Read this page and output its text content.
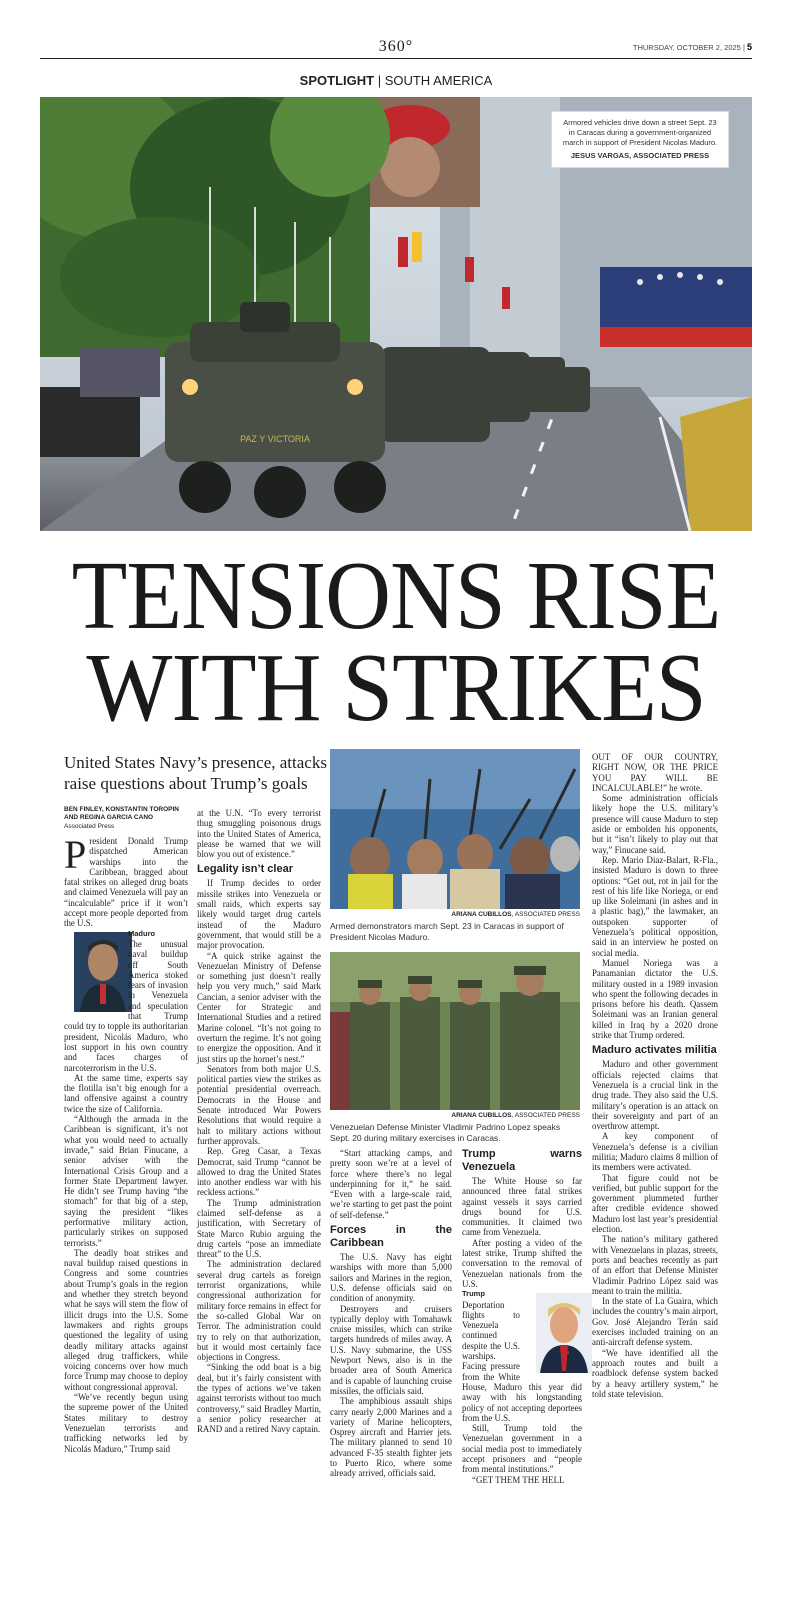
360°	THURSDAY, OCTOBER 2, 2025 | 5
SPOTLIGHT | SOUTH AMERICA
PAZ Y VICTORIA
Armored vehicles drive down a street Sept. 23 in Caracas during a government-organized march in support of President Nicolas Maduro.
JESUS VARGAS, ASSOCIATED PRESS
TENSIONS RISE
WITH STRIKES
United States Navy’s presence, attacks raise questions about Trump’s goals
BEN FINLEY, KONSTANTIN TOROPIN AND REGINA GARCIA CANO
Associated Press

President Donald Trump dispatched American warships into the Caribbean, bragged about fatal strikes on alleged drug boats and claimed Venezuela will pay an “incalculable” price if it won’t accept more people deported from the U.S.

Maduro
The unusual naval buildup off South America stoked fears of invasion in Venezuela and speculation that Trump could try to topple its authoritarian president, Nicolás Maduro, who lost support in his own country and faces charges of narcoterrorism in the U.S.

At the same time, experts say the flotilla isn’t big enough for a land offensive against a country twice the size of California.

“Although the armada in the Caribbean is significant, it’s not what you would need to actually invade,” said Brian Finucane, a senior adviser with the International Crisis Group and a former State Department lawyer. He didn’t see Trump having “the stomach” for that big of a step, saying the president “likes performative military action, particularly strikes on supposed terrorists.”

The deadly boat strikes and naval buildup raised questions in Congress and some countries about Trump’s goals in the region and whether they stretch beyond what he says will stem the flow of illicit drugs into the U.S. Some lawmakers and rights groups questioned the legality of using deadly military attacks against alleged drug traffickers, while voicing concerns over how much force Trump may choose to deploy without congressional approval.

“We’ve recently begun using the supreme power of the United States military to destroy Venezuelan terrorists and trafficking networks led by Nicolás Maduro,” Trump said

at the U.N. “To every terrorist thug smuggling poisonous drugs into the United States of America, please be warned that we will blow you out of existence.”

Legality isn’t clear

If Trump decides to order missile strikes into Venezuela or small raids, which experts say likely would target drug cartels instead of the Maduro government, that would still be a major provocation.

“A quick strike against the Venezuelan Ministry of Defense or something just doesn’t really help you very much,” said Mark Cancian, a senior adviser with the Center for Strategic and International Studies and a retired Marine colonel. “It’s not going to overturn the regime. It’s not going to energize the opposition. And it just stirs up the hornet’s nest.”

Senators from both major U.S. political parties view the strikes as potential presidential overreach. Democrats in the House and Senate introduced War Powers Resolutions that would require a halt to military actions without further approvals.

Rep. Greg Casar, a Texas Democrat, said Trump “cannot be allowed to drag the United States into another endless war with his reckless actions.”

The Trump administration claimed self-defense as a justification, with Secretary of State Marco Rubio arguing the drug cartels “pose an immediate threat” to the U.S.

The administration declared several drug cartels as foreign terrorist organizations, while congressional authorization for military force remains in effect for the so-called Global War on Terror. The administration could try to rely on that authorization, but it would most certainly face objections in Congress.

“Sinking the odd boat is a big deal, but it’s fairly consistent with the types of actions we’ve taken against terrorists without too much controversy,” said Bradley Martin, a senior policy researcher at RAND and a retired Navy captain.

ARIANA CUBILLOS, ASSOCIATED PRESS
Armed demonstrators march Sept. 23 in Caracas in support of President Nicolas Maduro.
ARIANA CUBILLOS, ASSOCIATED PRESS
Venezuelan Defense Minister Vladimir Padrino Lopez speaks Sept. 20 during military exercises in Caracas.

“Start attacking camps, and pretty soon we’re at a level of force where there’s no legal underpinning for it,” he said. “Even with a large-scale raid, we’re starting to get past the point of self-defense.”

Forces in the Caribbean

The U.S. Navy has eight warships with more than 5,000 sailors and Marines in the region, U.S. defense officials said on condition of anonymity.

Destroyers and cruisers typically deploy with Tomahawk cruise missiles, which can strike targets hundreds of miles away. A U.S. Navy submarine, the USS Newport News, also is in the broader area of South America and is capable of launching cruise missiles, the officials said.

The amphibious assault ships carry nearly 2,000 Marines and a variety of Marine helicopters, Osprey aircraft and Harrier jets. The military planned to send 10 advanced F-35 stealth fighter jets to Puerto Rico, where some already arrived, officials said.

Trump warns Venezuela

The White House so far announced three fatal strikes against vessels it says carried drugs bound for U.S. communities. It claimed two came from Venezuela.

After posting a video of the latest strike, Trump shifted the conversation to the removal of Venezuelan nationals from the U.S.

Trump
Deportation flights to Venezuela continued despite the U.S. warships. Facing pressure from the White House, Maduro this year did away with his longstanding policy of not accepting deportees from the U.S.

Still, Trump told the Venezuelan government in a social media post to immediately accept prisoners and “people from mental institutions.”

“GET THEM THE HELL

OUT OF OUR COUNTRY, RIGHT NOW, OR THE PRICE YOU PAY WILL BE INCALCULABLE!” he wrote.

Some administration officials likely hope the U.S. military’s presence will cause Maduro to step aside or embolden his opponents, but it “isn’t likely to play out that way,” Finucane said.

Rep. Mario Diaz-Balart, R-Fla., insisted Maduro is down to three options: “Get out, rot in jail for the rest of his life like Noriega, or end up like Soleimani (in ashes and in a plastic bag),” the lawmaker, an outspoken supporter of Venezuela’s political opposition, said in an interview he posted on social media.

Manuel Noriega was a Panamanian dictator the U.S. military ousted in a 1989 invasion who spent the following decades in prisons before his death. Qassem Soleimani was an Iranian general killed in Iraq by a 2020 drone strike that Trump ordered.

Maduro activates militia

Maduro and other government officials rejected claims that Venezuela is a crucial link in the drug trade. They also said the U.S. military’s operation is an attack on their sovereignty and part of an overthrow attempt.

A key component of Venezuela’s defense is a civilian militia; Maduro claims 8 million of its members were activated.

That figure could not be verified, but public support for the government plummeted further after credible evidence showed Maduro lost last year’s presidential election.

The nation’s military gathered with Venezuelans in plazas, streets, ports and beaches recently as part of an effort that Defense Minister Vladimir Padrino López said was meant to train the militia.

In the state of La Guaira, which includes the country’s main airport, Gov. José Alejandro Terán said exercises included training on an anti-aircraft defense system.

“We have identified all the approach routes and built a roadblock defense system backed by a heavy artillery system,” he told state television.
